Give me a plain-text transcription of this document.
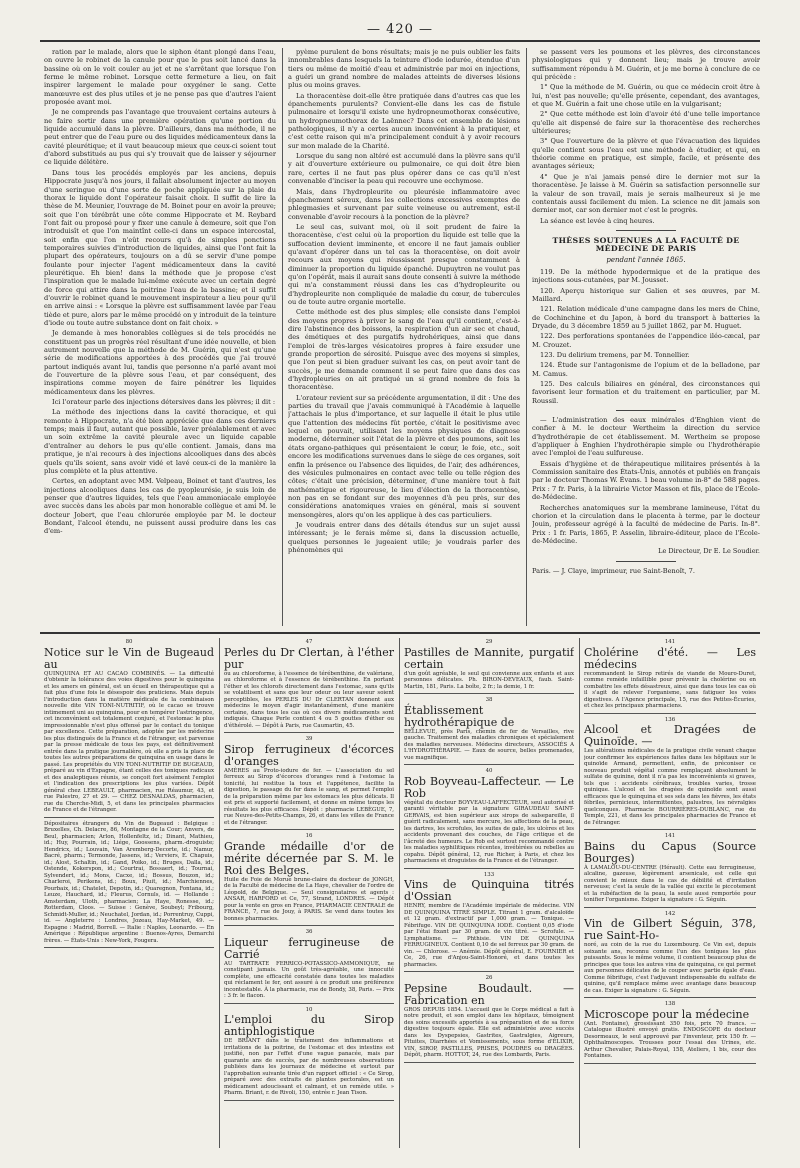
— 420 —

ration par le malade, alors que le siphon étant plongé dans l'eau, on ouvre le robinet de la canule pour que le pus soit lancé dans la bassine où on le voit couler au jet et ne s'arrêtant que lorsque l'on ferme le même robinet. Lorsque cette fermeture a lieu, on fait inspirer largement le malade pour oxygéner le sang. Cette manœuvre est des plus utiles et je ne pense pas que d'autres l'aient proposée avant moi.

Je ne comprends pas l'avantage que trouvaient certains auteurs à ne faire sortir dans une première opération qu'une portion du liquide accumulé dans la plèvre. D'ailleurs, dans ma méthode, il ne peut entrer que de l'eau pure ou des liquides médicamenteux dans la cavité pleurétique; et il vaut beaucoup mieux que ceux-ci soient tout d'abord substitués au pus qui s'y trouvait que de laisser y séjourner ce liquide délétère.

Dans tous les procédés employés par les anciens, depuis Hippocrate jusqu'à nos jours, il fallait absolument injecter au moyen d'une seringue ou d'une sorte de poche appliquée sur la plaie du thorax le liquide dont l'opérateur faisait choix. Il suffit de lire la thèse de M. Meunier, l'ouvrage de M. Boinet pour en avoir la preuve; soit que l'on térébrât une côte comme Hippocrate et M. Reybard l'ont fait ou proposé pour y fixer une canule à demeure, soit que l'on introduisît et que l'on maintînt celle-ci dans un espace intercostal, soit enfin que l'on n'eût recours qu'à de simples ponctions temporaires suivies d'introduction de liquides, ainsi que l'ont fait la plupart des opérateurs, toujours on a dû se servir d'une pompe foulante pour injecter l'agent médicamenteux dans la cavité pleurétique. Eh bien! dans la méthode que je propose c'est l'inspiration que le malade lui-même exécute avec un certain degré de force qui attire dans la poitrine l'eau de la bassine; et il suffit d'ouvrir le robinet quand le mouvement inspirateur a lieu pour qu'il en arrive ainsi : « Lorsque la plèvre est suffisamment lavée par l'eau tiède et pure, alors par le même procédé on y introduit de la teinture d'iode ou toute autre substance dont on fait choix. »

Je demande à mes honorables collègues si de tels procédés ne constituent pas un progrès réel résultant d'une idée nouvelle, et bien autrement nouvelle que la méthode de M. Guérin, qui n'est qu'une série de modifications apportées à des procédés que j'ai trouvé partout indiqués avant lui, tandis que personne n'a parlé avant moi de l'ouverture de la plèvre sous l'eau, et par conséquent, des inspirations comme moyen de faire pénétrer les liquides médicamenteux dans les plèvres.

Ici l'orateur parle des injections détersives dans les plèvres; il dit :

La méthode des injections dans la cavité thoracique, et qui remonte à Hippocrate, n'a été bien appréciée que dans ces derniers temps; mais il faut, autant que possible, laver préalablement et avec un soin extrême la cavité pleurale avec un liquide capable d'entraîner au dehors le pus qu'elle contient. Jamais, dans ma pratique, je n'ai recours à des injections alcooliques dans des abcès quels qu'ils soient, sans avoir vidé et lavé ceux-ci de la manière la plus complète et la plus attentive.

Certes, en adoptant avec MM. Velpeau, Boinet et tant d'autres, les injections alcooliques dans les cas de pyopleurésie, je suis loin de penser que d'autres liquides, tels que l'eau ammoniacale employée avec succès dans les abcès par mon honorable collègue et ami M. le docteur Jobert, que l'eau chlorurée employée par M. le docteur Bondant, l'alcool étendu, ne puissent aussi produire dans les cas d'em-

pyème purulent de bons résultats; mais je ne puis oublier les faits innombrables dans lesquels la teinture d'iode iodurée, étendue d'un tiers ou même de moitié d'eau et administrée par moi en injections, a guéri un grand nombre de malades atteints de diverses lésions plus ou moins graves.

La thoracentèse doit-elle être pratiquée dans d'autres cas que les épanchements purulents? Convient-elle dans les cas de fistule pulmonaire et lorsqu'il existe une hydropneumothorax consécutive, un hydropneumothorax de Laënnec? Dans cet ensemble de lésions pathologiques, il n'y a certes aucun inconvénient à la pratiquer, et c'est cette raison qui m'a principalement conduit à y avoir recours sur mon malade de la Charité.

Lorsque du sang non altéré est accumulé dans la plèvre sans qu'il y ait d'ouverture extérieure ou pulmonaire, ce qui doit être bien rare, certes il ne faut pas plus opérer dans ce cas qu'il n'est convenable d'inciser la peau qui recouvre une ecchymose.

Mais, dans l'hydropleurite ou pleurésie inflammatoire avec épanchement séreux, dans les collections excessives exemptes de phlegmasies et survenant par suite veineuse ou autrement, est-il convenable d'avoir recours à la ponction de la plèvre?

Le seul cas, suivant moi, où il soit prudent de faire la thoracentèse, c'est celui où la proportion du liquide est telle que la suffocation devient imminente, et encore il ne faut jamais oublier qu'avant d'opérer dans un tel cas la thoracentèse, on doit avoir recours aux moyens qui réussissent presque constamment à diminuer la proportion du liquide épanché. Dupuytren ne voulut pas qu'on l'opérât, mais il aurait sans doute consenti à suivre la méthode qui m'a constamment réussi dans les cas d'hydropleurite ou d'hydropleurite non compliquée de maladie du cœur, de tubercules ou de toute autre organie mortelle.

Cette méthode est des plus simples; elle consiste dans l'emploi des moyens propres à priver le sang de l'eau qu'il contient, c'est-à-dire l'abstinence des boissons, la respiration d'un air sec et chaud, des émétiques et des purgatifs hydrohériques, ainsi que dans l'emploi de très-larges vésicatoires propres à faire exsuder une grande proportion de sérosité. Puisque avec des moyens si simples, que l'on peut si bien graduer suivant les cas, on peut avoir tant de succès, je me demande comment il se peut faire que dans des cas d'hydropleuries on ait pratiqué un si grand nombre de fois la thoracentèse.

L'orateur revient sur sa précédente argumentation, il dit : Une des parties du travail que j'avais communiqué à l'Académie à laquelle j'attachais le plus d'importance, et sur laquelle il était le plus utile que l'attention des médecins fût portée, c'était le positivisme avec lequel on pouvait, utilisant les moyens physiques de diagnose moderne, déterminer soit l'état de la plèvre et des poumons, soit les états organo-pathiques qui présentaient le cœur, le foie, etc., soit encore les modifications survenues dans le siège de ces organes, soit enfin la présence ou l'absence des liquides, de l'air, des adhérences, des vésicules pulmonaires en contact avec telle ou telle région des côtes; c'était une précision, déterminer, d'une manière tout à fait mathématique et rigoureuse, le lieu d'élection de la thoracentèse, non pas en se fondant sur des moyennes d'à peu près, sur des considérations anatomiques vraies en général, mais si souvent mensongères, alors qu'on les applique à des cas particuliers.

Je voudrais entrer dans des détails étendus sur un sujet aussi intéressant; je le ferais même si, dans la discussion actuelle, quelques personnes le jugeaient utile; je voudrais parler des phénomènes qui

se passent vers les poumons et les plèvres, des circonstances physiologiques qui y donnent lieu; mais je trouve avoir suffisamment répondu à M. Guérin, et je me borne à conclure de ce qui précède :

1° Que la méthode de M. Guérin, ou que ce médecin croit être à lui, n'est pas nouvelle; qu'elle présente, cependant, des avantages, et que M. Guérin a fait une chose utile en la vulgarisant;

2° Que cette méthode est loin d'avoir été d'une telle importance qu'elle ait dispensé de faire sur la thoracentèse des recherches ultérieures;

3° Que l'ouverture de la plèvre et que l'évacuation des liquides qu'elle contient sous l'eau est une méthode à étudier, et qui, en théorie comme en pratique, est simple, facile, et présente des avantages sérieux;

4° Que je n'ai jamais pensé dire le dernier mot sur la thoracentèse. Je laisse à M. Guérin sa satisfaction personnelle sur la valeur de son travail, mais je serais malheureux si je me contentais aussi facilement du mien. La science ne dit jamais son dernier mot, car son dernier mot c'est le progrès.

La séance est levée à cinq heures.

THÈSES SOUTENUES A LA FACULTÉ DE MÉDECINE DE PARIS
pendant l'année 1865.

119. De la méthode hypodermique et de la pratique des injections sous-cutanées, par M. Jousset.

120. Aperçu historique sur Galien et ses œuvres, par M. Maillard.

121. Relation médicale d'une campagne dans les mers de Chine, de Cochinchine et du Japon, à bord du transport à batteries la Dryade, du 3 décembre 1859 au 5 juillet 1862, par M. Huguet.

122. Des perforations spontanées de l'appendice iléo-cæcal, par M. Crouzet.

123. Du delirium tremens, par M. Tonnellier.

124. Étude sur l'antagonisme de l'opium et de la belladone, par M. Camus.

125. Des calculs biliaires en général, des circonstances qui favorisent leur formation et du traitement en particulier, par M. Roussil.

— L'administration des eaux minérales d'Enghien vient de confier à M. le docteur Wertheim la direction du service d'hydrothérapie de cet établissement. M. Wertheim se propose d'appliquer à Enghien l'hydrothérapie simple ou l'hydrothérapie avec l'emploi de l'eau sulfureuse.

Essais d'hygiène et de thérapeutique militaires présentés à la Commission sanitaire des États-Unis, annotés et publiés en français par le docteur Thomas W. Évans. 1 beau volume in-8° de 588 pages. Prix : 7 fr. Paris, à la librairie Victor Masson et fils, place de l'École-de-Médecine.

Recherches anatomiques sur la membrane lamineuse, l'état du chorion et la circulation dans le placenta à terme, par le docteur Jouin, professeur agrégé à la faculté de médecine de Paris. In-8°. Prix : 1 fr. Paris, 1865, P. Asselin, libraire-éditeur, place de l'École-de-Médecine.

Le Directeur, Dr E. Le Soudier.
Paris. — J. Claye, imprimeur, rue Saint-Benoît, 7.
80
Notice sur le Vin de Bugeaud au

QUINQUINA ET AU CACAO COMBINÉS. — La difficulté d'obtenir la tolérance des voies digestives pour le quinquina et les amers en général, est un écueil en thérapeutique qui a fait plus d'une fois le désespoir des praticiens. Mais depuis l'introduction dans la matière médicale de la combinaison nouvelle dite VIN TONI-NUTRITIF, où le cacao se trouve intimement uni au quinquina, pour en tempérer l'astringence, cet inconvénient est totalement conjuré, et l'estomac le plus impressionnable n'est plus offensé par le contact du tonique par excellence. Cette préparation, adoptée par les médecins les plus distingués de la France et de l'étranger, est parvenue par la presse médicale de tous les pays, est définitivement entrée dans la pratique journalière, où elle a pris la place de toutes les autres préparations de quinquina en usage dans le passé. Les propriétés du VIN TONI-NUTRITIF DE BUGEAUD, préparé au vin d'Espagne, étant celles des toniques radicaux et des analeptiques réunis, se conçoit fort aisément l'emploi et l'indication des prescriptions les plus variées. Dépôt général chez LEBEAULT, pharmacien, rue Réaumur, 43, et rue Palestro, 27 et 29. — CHEZ DESNALDAS, pharmacien, rue du Cherche-Midi, 5, et dans les principales pharmacies de France et de l'étranger.

Dépositaires étrangers du Vin de Bugeaud : Belgique : Bruxelles, Ch. Delacre, 86, Montagne de la Cour; Anvers, de Beul, pharmacien; Arlon, Hollenfeltz, id.; Dinant, Mathieu, id.; Huy, Pourrain, id.; Liége, Goossens, pharm.-droguiste; Hendricx, id.; Louvain, Van Aremberg-Decorte, id.; Namur, Bacré, pharm.; Termonde, Jassens, id.; Verviers, E. Chapuis, id.; Alost, Schaltin, id.; Gand, Poiko, id.; Bruges, Dalla, id.; Ostende, Kokerspon, id.; Courtrai, Bossaert, id.; Tournai, Sylvendert, id.; Mons, Cacxe, id.; Bossus, Bouzon, id.; Charleroi, Perikens, id.; Boux, Piuit, id.; Marchiennes, Pourbaix, id.; Chatelet, Depotin, id.; Quaregnon, Fontana, id.; Leuze, Hauchard, id.; Fleurus, Cornuls, id. — Hollande : Amsterdam, Uloth, pharmacien; La Haye, Ronesse, id.; Rotterdam, Cloos. — Suisse : Genève, Soubeyl; Fribourg, Schmidt-Muller, id.; Neuchatel, Jordan, id.; Porrentruy, Cuppi, id. — Angleterre : Londres, Jozeau, Hay-Market, 49. — Espagne : Madrid, Borrell. — Italie : Naples, Leonardo. — En Amérique : République argentine : Buenos-Ayres, Demarchi frères. — États-Unis : New-York, Fougera.

47
Perles du Dr Clertan, à l'éther pur

ou au chloroforme, à l'essence de térébenthine, de valériane, au chloroforme et à l'essence de térébenthine. En portant l'éther et les chlorofs directement dans l'estomac, sans qu'ils se volatilisent et sans que leur odeur ou leur saveur soient perceptibles, les PERLES DU Dr CLERTAN donnent aux médecins le moyen d'agir instantanément, d'une manière certaine, dans tous les cas où ces divers médicaments sont indiqués. Chaque Perle contient 4 ou 5 gouttes d'éther ou d'éthérolé. — Dépôt à Paris, rue Caumartin, 45.

39
Sirop ferrugineux d'écorces d'oranges

AMÈRES au Proto-iodure de fer. — L'association du sel ferreux au Sirop d'écorces d'oranges rend à l'estomac la tonicité, lui restitue la toux et l'appétence, facilite la digestion, le passage du fer dans le sang, et permet l'emploi de la préparation même par les estomacs les plus délicats. Il est pris et supporté facilement, et donne en même temps les résultats les plus efficaces. Dépôt : pharmacie LEBÈGUE, 7, rue Neuve-des-Petits-Champs, 26, et dans les villes de France et de l'étranger.

16
Grande médaille d'or de mérite décernée par S. M. le Roi des Belges.

Huile de Foie de Morue brune-claire du docteur de JONGH, de la Faculté de médecine de La Haye, chevalier de l'ordre de Léopold, de Belgique. — Seul consignataires et agents : ANSAR, HARFORD et Ce, 77, Strand, LONDRES. — Dépôt pour la vente en gros en France, PHARMACIE CENTRALE de FRANCE, 7, rue de Jouy, à PARIS. Se vend dans toutes les bonnes pharmacies.

36
Liqueur ferrugineuse de Carrié

AU TARTRATE FERRICO-POTASSICO-AMMONIQUE, ne constipant jamais. Un goût très-agréable, une innocuité complète, une efficacité constatée dans toutes les maladies qui réclament le fer, ont assuré à ce produit une préférence incontestable. À la pharmacie, rue de Bondy, 38, Paris. — Prix : 3 fr. le flacon.

10
L'emploi du Sirop antiphlogistique

DE BRIANT dans le traitement des inflammations et irritations de la poitrine, de l'estomac et des intestins est justifié, non par l'effet d'une vague panacée, mais par quarante ans de succès, par de nombreuses observations publiées dans les journaux de médecine et surtout par l'approbation suivante tirée d'un rapport officiel : « Ce Sirop, préparé avec des extraits de plantes pectorales, est un médicament adoucissant et calmant, et un remède utile. » Pharm. Briant, r. de Rivoli, 150, entrée r. Jean Tison.

29
Pastilles de Mannite, purgatif certain

d'un goût agréable, le seul qui convienne aux enfants et aux personnes délicates. Ph. BIRON-DEVEAUX, faub. Saint-Martin, 181, Paris. La boîte, 2 fr.; la demie, 1 fr.

38
Établissement hydrothérapique de

BELLEVUE, près Paris, chemin de fer de Versailles, rive gauche. Traitement des maladies chroniques et spécialement des maladies nerveuses. Médecins directeurs, ASSOCIÉS A L'HYDROTHÉRAPIE. — Eaux de source, belles promenades, vue magnifique.

40
Rob Boyveau-Laffecteur. — Le Rob

végétal du docteur BOYVEAU-LAFFECTEUR, seul autorisé et garanti véritable par la signature GIRAUDEAU SAINT-GERVAIS, est bien supérieur aux sirops de salsepareille, il guérit radicalement, sans mercure, les affections de la peau, les dartres, les scrofules, les suites de gale, les ulcères et les accidents provenant des couches, de l'âge critique et de l'âcreté des humeurs. Le Rob est surtout recommandé contre les maladies syphilitiques récentes, invétérées ou rebelles au copahu. Dépôt général, 12, rue Richer, à Paris, et chez les pharmaciens et droguistes de la France et de l'étranger.

133
Vins de Quinquina titrés d'Ossian

HENRY, membre de l'Académie impériale de médecine. VIN DE QUINQUINA TITRÉ SIMPLE. Titrant 1 gram. d'alcaloïde et 12 gram. d'extractif par 1,000 gram. — Tonique. — Fébrifuge. VIN DE QUINQUINA IODÉ. Contient 0,05 d'iode par l'étai fixant par 30 gram. de vin titré. — Scrofule. — Lymphatisme. — Phthisie. VIN DE QUINQUINA FERRUGINEUX. Contient 0,10 de sel ferreux par 30 gram. de vin. — Chlorose. — Anémie. Dépôt général, E. FOURNIER et Ce, 26, rue d'Anjou-Saint-Honoré, et dans toutes les pharmacies.

26
Pepsine Boudault. — Fabrication en

GROS DEPUIS 1854. L'accueil que le Corps médical a fait à notre produit, et son emploi dans les hôpitaux, témoignent des soins excessifs apportés à sa préparation et de sa force digestive toujours égale. Elle est administrée avec succès dans les Dyspepsies, Gastrites, Gastralgies, Aigreurs, Pituites, Diarrhées et Vomissements, sous forme d'ÉLIXIR, VIN, SIROP, PASTILLES, PRISES, POUDRES ou DRAGÉES. Dépôt, pharm. HOTTOT, 24, rue des Lombards, Paris.

141
Cholérine d'été. — Les médecins

recommandent le Sirop retirés de viande de Mouro-Duret, comme remède infaillible pour prévenir la cholérine ou en combattre les effets désastreux, ainsi que dans tous les cas où il s'agit de relever l'organisme, sans fatiguer les voies digestives. A l'Agence principale, 15, rue des Petites-Écuries, et chez les principaux pharmaciens.

136
Alcool et Dragées de Quinoïde. —

Les altérations médicales de la pratique civile venant chaque jour confirmer les expériences faites dans les hôpitaux sur le quinoïde Armand, permettent, enfin, de préconiser ce nouveau produit végétal comme remplaçant absolument le sulfate de quinine, dont il n'a pas les inconvénients si graves, tels que : accidents cérébraux, troubles varies, trosse quinique. L'alcool et les dragées de quinoïde sont aussi efficaces que le quinquina et ses sels dans les fièvres, les états fébriles, pernicieux, intermittentes, palustres, les névralgies quelconques. Pharmacie BOURRIÈRES-DUBLANC, rue du Temple, 221, et dans les principales pharmacies de France et de l'étranger.

141
Bains du Capus (Source Bourges)

À LAMALOU-DU-CENTRE (Hérault). Cette eau ferrugineuse, alcaline, gazeuse, légèrement arsenicale, est celle qui convient le mieux dans le cas de débilité et d'irritation nerveuse; c'est la seule de la vallée qui excite le piccotement et la rubéfaction de la peau, la seule aussi remportée pour tonifier l'organisme. Exiger la signature : G. Séguin.

142
Vin de Gilbert Séguin, 378, rue Saint-Ho-

noré, au coin de la rue du Luxembourg. Ce Vin est, depuis soixante ans, reconnu comme l'un des toniques les plus puissants. Sous le même volume, il contient beaucoup plus de principes que tous les autres vins de quinquina, ce qui permet aux personnes délicates de le couper avec partie égale d'eau. Comme fébrifuge, c'est l'adjuvant indispensable du sulfate de quinine, qu'il remplace même avec avantage dans beaucoup de cas. Exiger la signature : G. Séguin.

138
Microscope pour la médecine

(Ant. Fontaine), grossissant 350 fois, prix 70 francs. — Catalogue illustré envoyé gratis. ENDOSCOPE du docteur Desormeaux, le seul approuvé par l'inventeur, prix 150 fr. — Ophthalmoscopes. Trousses pour l'essai des Urines, etc. Arthur Chevalier, Palais-Royal, 158, Ateliers, 1 bis, cour des Fontaines.
